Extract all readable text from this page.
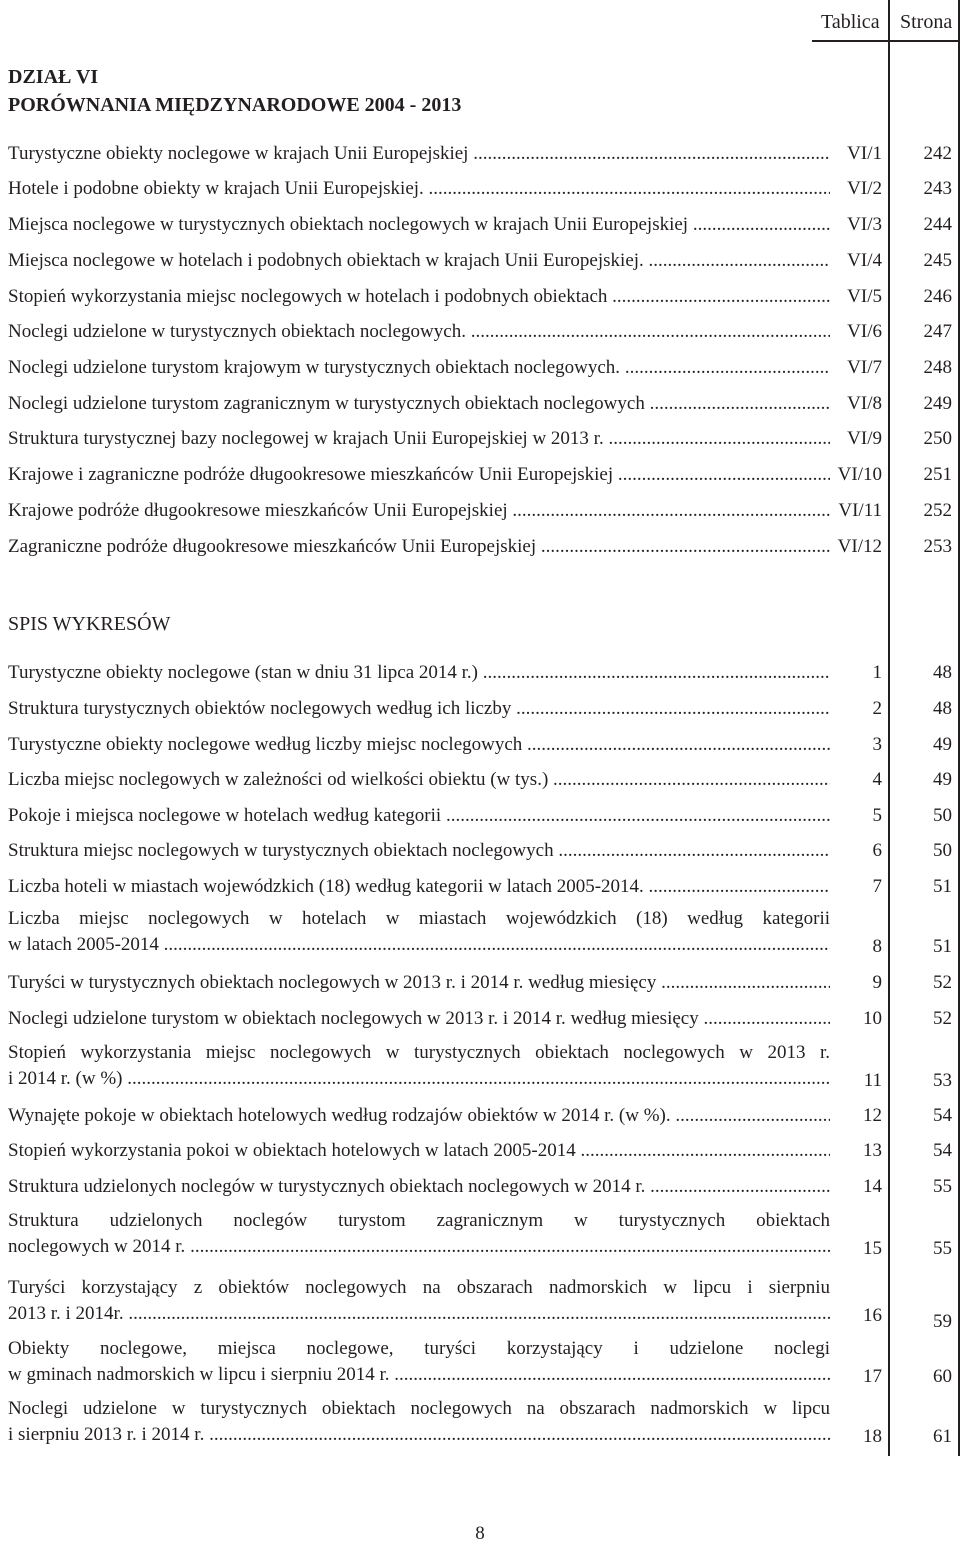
Tablica Strona
DZIAŁ VI
PORÓWNANIA MIĘDZYNARODOWE 2004 - 2013
Turystyczne obiekty noclegowe w krajach Unii Europejskiej .....	VI/1 242
Hotele i podobne obiekty w krajach Unii Europejskiej. .....	VI/2 243
Miejsca noclegowe w turystycznych obiektach noclegowych w krajach Unii Europejskiej .....	VI/3 244
Miejsca noclegowe w hotelach i podobnych obiektach w krajach Unii Europejskiej. .....	VI/4 245
Stopień wykorzystania miejsc noclegowych w hotelach i podobnych obiektach .....	VI/5 246
Noclegi udzielone w turystycznych obiektach noclegowych. .....	VI/6 247
Noclegi udzielone turystom krajowym w turystycznych obiektach noclegowych. .....	VI/7 248
Noclegi udzielone turystom zagranicznym w turystycznych obiektach noclegowych .....	VI/8 249
Struktura turystycznej bazy noclegowej w krajach Unii Europejskiej w 2013 r. .....	VI/9 250
Krajowe i zagraniczne podróże długookresowe mieszkańców Unii Europejskiej .....	VI/10 251
Krajowe podróże długookresowe mieszkańców Unii Europejskiej .....	VI/11 252
Zagraniczne podróże długookresowe mieszkańców Unii Europejskiej .....	VI/12 253
SPIS WYKRESÓW
Turystyczne obiekty noclegowe (stan w dniu 31 lipca 2014 r.) .....	1	48
Struktura turystycznych obiektów noclegowych według ich liczby .....	2	48
Turystyczne obiekty noclegowe według liczby miejsc noclegowych .....	3	49
Liczba miejsc noclegowych w zależności od wielkości obiektu (w tys.) .....	4	49
Pokoje i miejsca noclegowe w hotelach według kategorii .....	5	50
Struktura miejsc noclegowych w turystycznych obiektach noclegowych .....	6	50
Liczba hoteli w miastach wojewódzkich (18) według kategorii w latach 2005-2014. .....	7	51
Liczba miejsc noclegowych w hotelach w miastach wojewódzkich (18) według kategorii
w latach 2005-2014 .....	8	51
Turyści w turystycznych obiektach noclegowych w 2013 r. i 2014 r. według miesięcy .....	9	52
Noclegi udzielone turystom w obiektach noclegowych w 2013 r. i 2014 r. według miesięcy .....	10	52
Stopień wykorzystania miejsc noclegowych w turystycznych obiektach noclegowych w 2013 r.
i 2014 r. (w %) .....	11	53
Wynajęte pokoje w obiektach hotelowych według rodzajów obiektów w 2014 r. (w %). .....	12	54
Stopień wykorzystania pokoi w obiektach hotelowych w latach 2005-2014 .....	13	54
Struktura udzielonych noclegów w turystycznych obiektach noclegowych w 2014 r. .....	14	55
Struktura udzielonych noclegów turystom zagranicznym w turystycznych obiektach
noclegowych w 2014 r. .....	15	55
Turyści korzystający z obiektów noclegowych na obszarach nadmorskich w lipcu i sierpniu
2013 r. i 2014r. .....	16	59
Obiekty noclegowe, miejsca noclegowe, turyści korzystający i udzielone noclegi
w gminach nadmorskich w lipcu i sierpniu 2014 r. .....	17	60
Noclegi udzielone w turystycznych obiektach noclegowych na obszarach nadmorskich w lipcu
i sierpniu 2013 r. i 2014 r. .....	18	61
8
